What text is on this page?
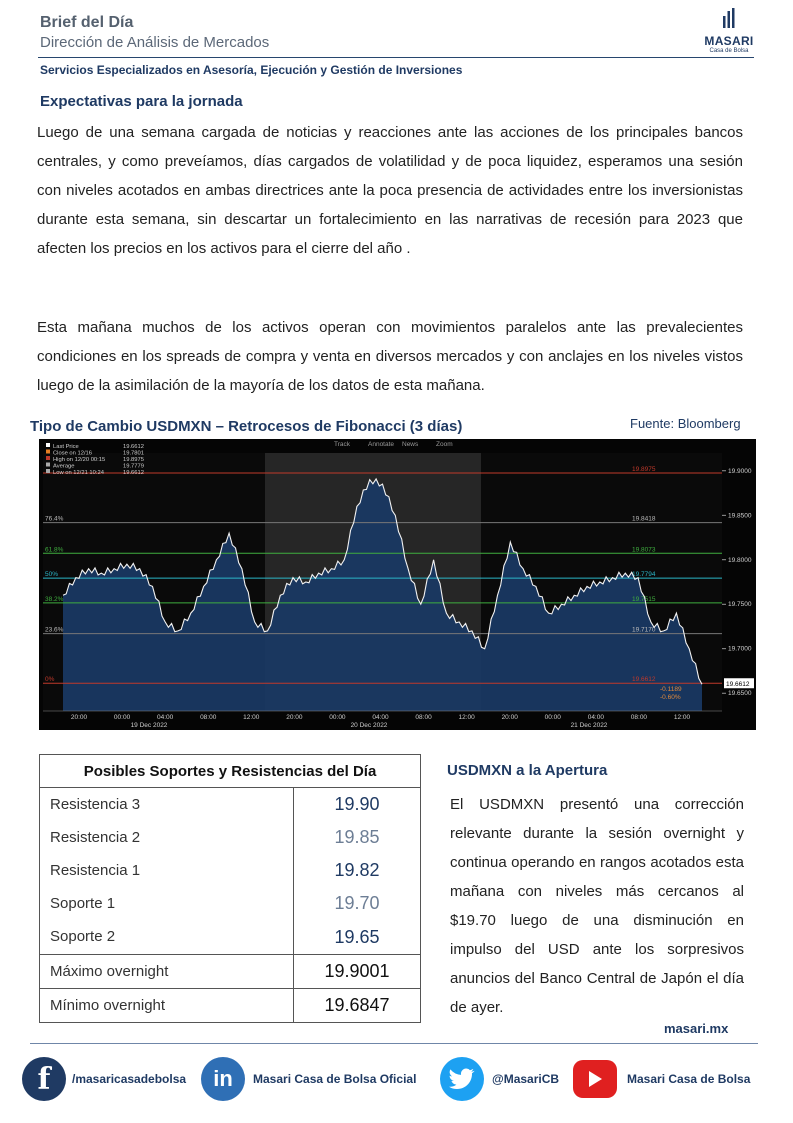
Brief del Día
Dirección de Análisis de Mercados	MASARI
Casa de Bolsa
Servicios Especializados en Asesoría, Ejecución y Gestión de Inversiones
Expectativas para la jornada
Luego de una semana cargada de noticias y reacciones ante las acciones de los principales bancos centrales, y como preveíamos, días cargados de volatilidad y de poca liquidez, esperamos una sesión con niveles acotados en ambas directrices ante la poca presencia de actividades entre los inversionistas durante esta semana, sin descartar un fortalecimiento en las narrativas de recesión para 2023 que afecten los precios en los activos para el cierre del año .
Esta mañana muchos de los activos operan con movimientos paralelos ante las prevalecientes condiciones en los spreads de compra y venta en diversos mercados y con anclajes en los niveles vistos luego de la asimilación de la mayoría de los datos de esta mañana.
Tipo de Cambio USDMXN – Retrocesos de Fibonacci (3 días)	Fuente: Bloomberg
19.8975
76.4%	19.8418
61.8%	19.8073
50%	19.7794
38.2%	19.7515
23.6%	19.7170
0%	19.6612
19.9000
19.8500
19.8000
19.7500
19.7000
19.6500
19.6612
-0.1189
-0.60%
20:00	00:00	04:00	08:00	12:00	20:00	00:00	04:00	08:00	12:00	20:00	00:00	04:00	08:00	12:00
19 Dec 2022	20 Dec 2022	21 Dec 2022
Track	Annotate News	Zoom
Last Price	19.6612
Close on 12/16	19.7801
High on 12/20 00:15	19.8975
Average	19.7779
Low on 12/21 10:24	19.6612
Posibles Soportes y Resistencias del Día	
Resistencia 3	19.90
Resistencia 2	19.85
Resistencia 1	19.82
Soporte 1	19.70
Soporte 2	19.65
Máximo overnight	19.9001
Mínimo overnight	19.6847
USDMXN a la Apertura
El USDMXN presentó una corrección relevante durante la sesión overnight y continua operando en rangos acotados esta mañana con niveles más cercanos al $19.70 luego de una disminución en impulso del USD ante los sorpresivos anuncios del Banco Central de Japón el día de ayer.
masari.mx
f	/masaricasadebolsa	in	Masari Casa de Bolsa Oficial	@MasariCB	Masari Casa de Bolsa
